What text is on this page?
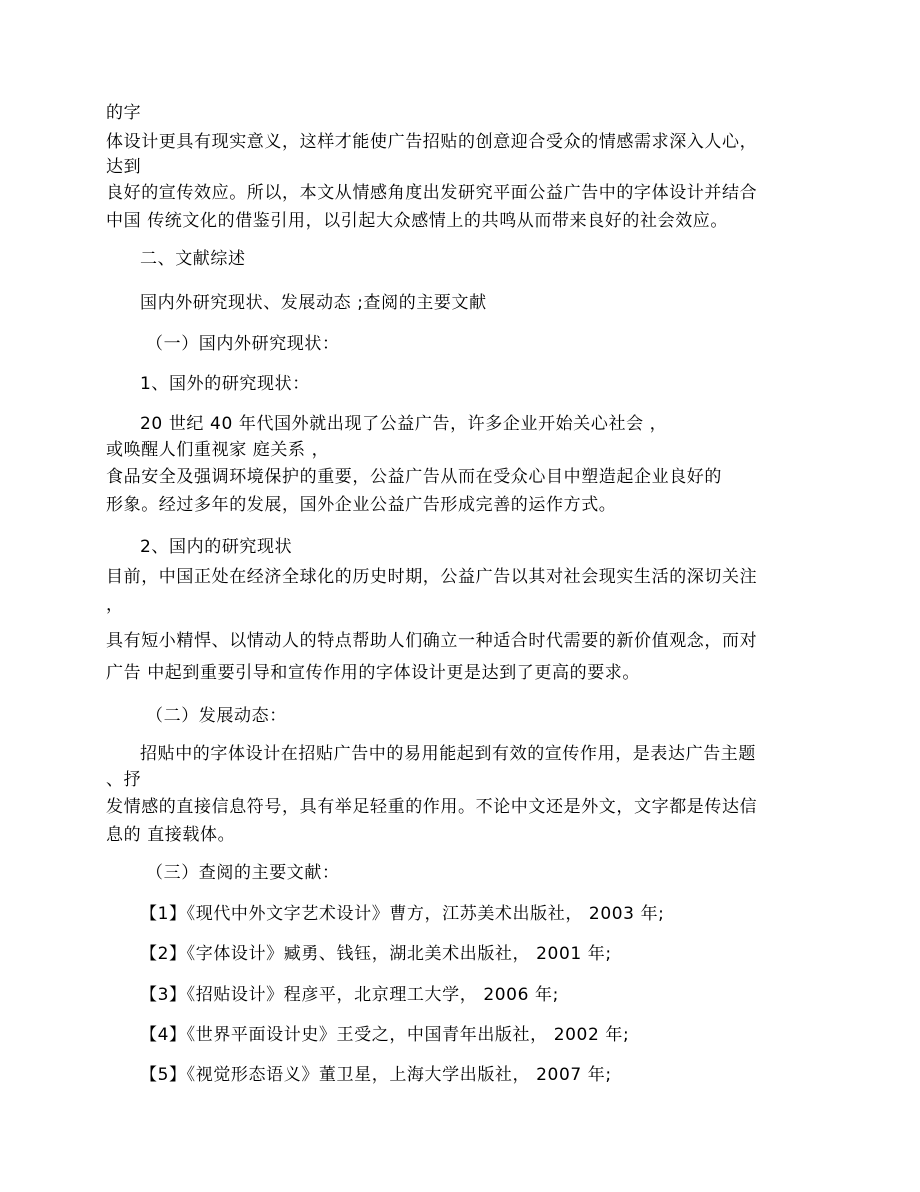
的字
体设计更具有现实意义，这样才能使广告招贴的创意迎合受众的情感需求深入人心，
达到
良好的宣传效应。所以，本文从情感角度出发研究平面公益广告中的字体设计并结合
中国 传统文化的借鉴引用，以引起大众感情上的共鸣从而带来良好的社会效应。
二、文献综述
国内外研究现状、发展动态 ;查阅的主要文献
（一）国内外研究现状：
1、国外的研究现状：
20 世纪 40 年代国外就出现了公益广告，许多企业开始关心社会 ，
或唤醒人们重视家 庭关系 ，
食品安全及强调环境保护的重要，公益广告从而在受众心目中塑造起企业良好的
形象。经过多年的发展，国外企业公益广告形成完善的运作方式。
2、国内的研究现状
目前，中国正处在经济全球化的历史时期，公益广告以其对社会现实生活的深切关注
，
具有短小精悍、以情动人的特点帮助人们确立一种适合时代需要的新价值观念，而对
广告 中起到重要引导和宣传作用的字体设计更是达到了更高的要求。
（二）发展动态：
招贴中的字体设计在招贴广告中的易用能起到有效的宣传作用，是表达广告主题
、抒
发情感的直接信息符号，具有举足轻重的作用。不论中文还是外文，文字都是传达信
息的 直接载体。
（三）查阅的主要文献：
【1】《现代中外文字艺术设计》曹方，江苏美术出版社， 2003 年;
【2】《字体设计》臧勇、钱钰，湖北美术出版社， 2001 年;
【3】《招贴设计》程彦平，北京理工大学， 2006 年;
【4】《世界平面设计史》王受之，中国青年出版社， 2002 年;
【5】《视觉形态语义》董卫星，上海大学出版社， 2007 年;
